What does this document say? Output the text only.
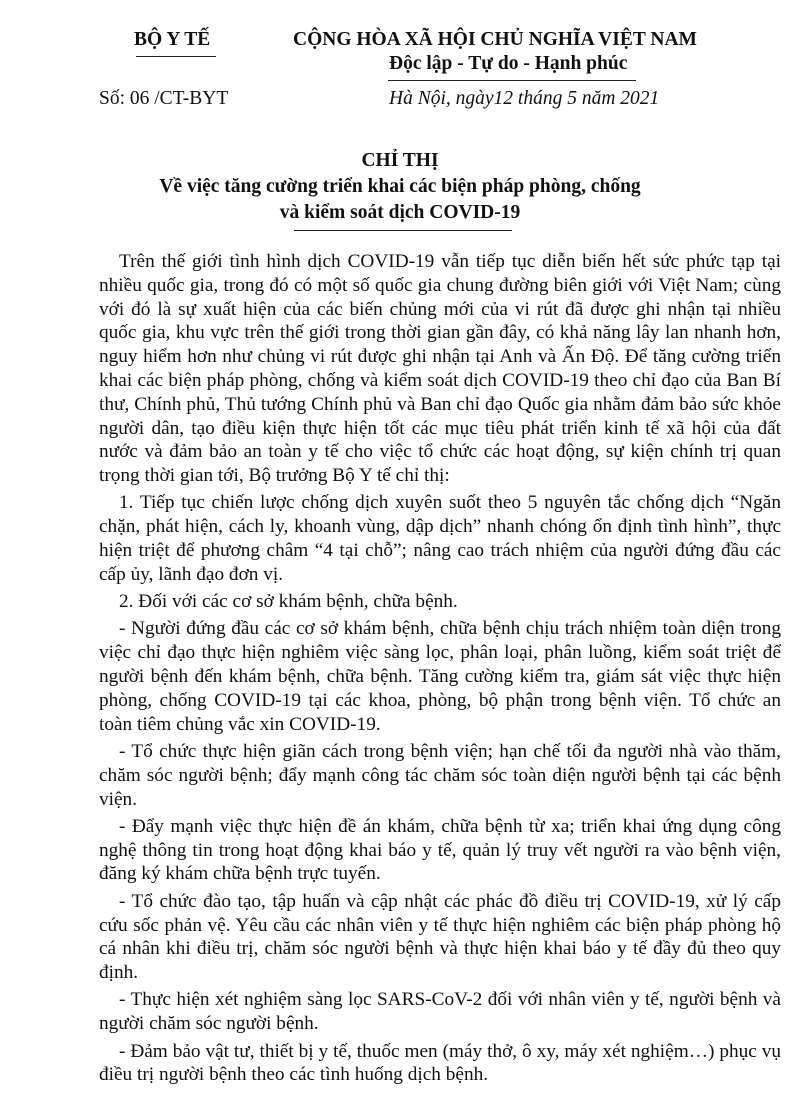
BỘ Y TẾ	CỘNG HÒA XÃ HỘI CHỦ NGHĨA VIỆT NAM
Độc lập - Tự do - Hạnh phúc
Số: 06 /CT-BYT	Hà Nội, ngày12 tháng 5 năm 2021
CHỈ THỊ
Về việc tăng cường triển khai các biện pháp phòng, chống
và kiểm soát dịch COVID-19

Trên thế giới tình hình dịch COVID-19 vẫn tiếp tục diễn biến hết sức phức tạp tại nhiều quốc gia, trong đó có một số quốc gia chung đường biên giới với Việt Nam; cùng với đó là sự xuất hiện của các biến chủng mới của vi rút đã được ghi nhận tại nhiều quốc gia, khu vực trên thế giới trong thời gian gần đây, có khả năng lây lan nhanh hơn, nguy hiểm hơn như chủng vi rút được ghi nhận tại Anh và Ấn Độ. Để tăng cường triển khai các biện pháp phòng, chống và kiểm soát dịch COVID-19 theo chỉ đạo của Ban Bí thư, Chính phủ, Thủ tướng Chính phủ và Ban chỉ đạo Quốc gia nhằm đảm bảo sức khỏe người dân, tạo điều kiện thực hiện tốt các mục tiêu phát triển kinh tế xã hội của đất nước và đảm bảo an toàn y tế cho việc tổ chức các hoạt động, sự kiện chính trị quan trọng thời gian tới, Bộ trưởng Bộ Y tế chỉ thị:

1. Tiếp tục chiến lược chống dịch xuyên suốt theo 5 nguyên tắc chống dịch “Ngăn chặn, phát hiện, cách ly, khoanh vùng, dập dịch” nhanh chóng ổn định tình hình”, thực hiện triệt để phương châm “4 tại chỗ”; nâng cao trách nhiệm của người đứng đầu các cấp ủy, lãnh đạo đơn vị.

2. Đối với các cơ sở khám bệnh, chữa bệnh.

- Người đứng đầu các cơ sở khám bệnh, chữa bệnh chịu trách nhiệm toàn diện trong việc chỉ đạo thực hiện nghiêm việc sàng lọc, phân loại, phân luồng, kiểm soát triệt để người bệnh đến khám bệnh, chữa bệnh. Tăng cường kiểm tra, giám sát việc thực hiện phòng, chống COVID-19 tại các khoa, phòng, bộ phận trong bệnh viện. Tổ chức an toàn tiêm chủng vắc xin COVID-19.

- Tổ chức thực hiện giãn cách trong bệnh viện; hạn chế tối đa người nhà vào thăm, chăm sóc người bệnh; đẩy mạnh công tác chăm sóc toàn diện người bệnh tại các bệnh viện.

- Đẩy mạnh việc thực hiện đề án khám, chữa bệnh từ xa; triển khai ứng dụng công nghệ thông tin trong hoạt động khai báo y tế, quản lý truy vết người ra vào bệnh viện, đăng ký khám chữa bệnh trực tuyến.

- Tổ chức đào tạo, tập huấn và cập nhật các phác đồ điều trị COVID-19, xử lý cấp cứu sốc phản vệ. Yêu cầu các nhân viên y tế thực hiện nghiêm các biện pháp phòng hộ cá nhân khi điều trị, chăm sóc người bệnh và thực hiện khai báo y tế đầy đủ theo quy định.

- Thực hiện xét nghiệm sàng lọc SARS-CoV-2 đối với nhân viên y tế, người bệnh và người chăm sóc người bệnh.

- Đảm bảo vật tư, thiết bị y tế, thuốc men (máy thở, ô xy, máy xét nghiệm…) phục vụ điều trị người bệnh theo các tình huống dịch bệnh.
